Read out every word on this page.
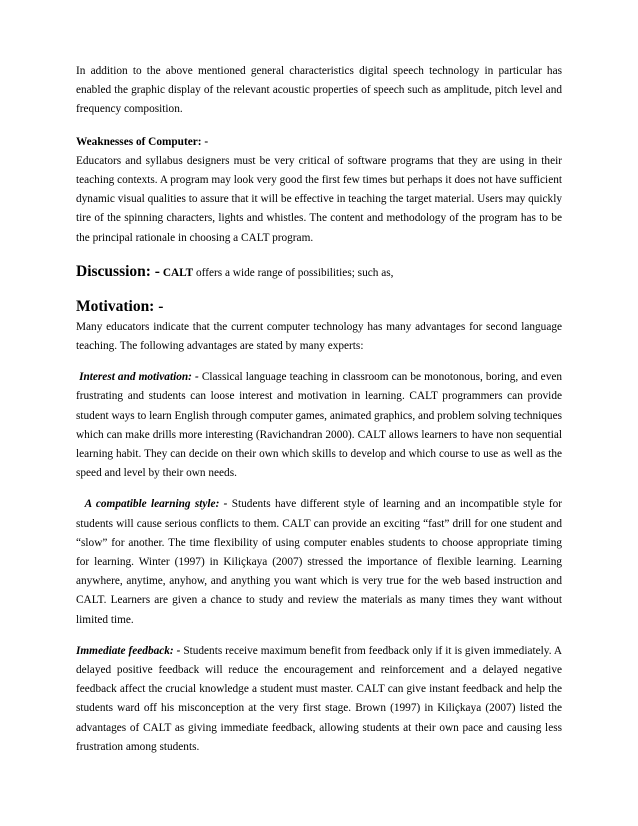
In addition to the above mentioned general characteristics digital speech technology in particular has enabled the graphic display of the relevant acoustic properties of speech such as amplitude, pitch level and frequency composition.

Weaknesses of Computer: -

Educators and syllabus designers must be very critical of software programs that they are using in their teaching contexts. A program may look very good the first few times but perhaps it does not have sufficient dynamic visual qualities to assure that it will be effective in teaching the target material. Users may quickly tire of the spinning characters, lights and whistles. The content and methodology of the program has to be the principal rationale in choosing a CALT program.

Discussion: - CALT offers a wide range of possibilities; such as,

Motivation: -

Many educators indicate that the current computer technology has many advantages for second language teaching. The following advantages are stated by many experts:

Interest and motivation: - Classical language teaching in classroom can be monotonous, boring, and even frustrating and students can loose interest and motivation in learning. CALT programmers can provide student ways to learn English through computer games, animated graphics, and problem solving techniques which can make drills more interesting (Ravichandran 2000). CALT allows learners to have non sequential learning habit. They can decide on their own which skills to develop and which course to use as well as the speed and level by their own needs.

A compatible learning style: - Students have different style of learning and an incompatible style for students will cause serious conflicts to them. CALT can provide an exciting “fast” drill for one student and “slow” for another. The time flexibility of using computer enables students to choose appropriate timing for learning. Winter (1997) in Kiliçkaya (2007) stressed the importance of flexible learning. Learning anywhere, anytime, anyhow, and anything you want which is very true for the web based instruction and CALT. Learners are given a chance to study and review the materials as many times they want without limited time.

Immediate feedback: - Students receive maximum benefit from feedback only if it is given immediately. A delayed positive feedback will reduce the encouragement and reinforcement and a delayed negative feedback affect the crucial knowledge a student must master. CALT can give instant feedback and help the students ward off his misconception at the very first stage. Brown (1997) in Kiliçkaya (2007) listed the advantages of CALT as giving immediate feedback, allowing students at their own pace and causing less frustration among students.
